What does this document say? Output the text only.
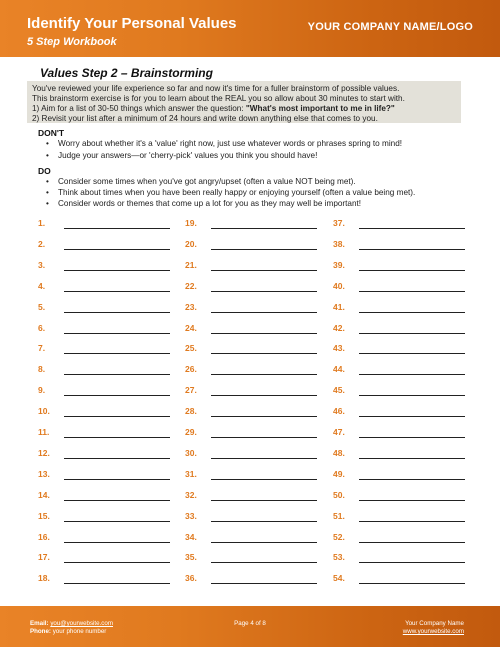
Identify Your Personal Values
5 Step Workbook
YOUR COMPANY NAME/LOGO
Values Step 2 – Brainstorming
You've reviewed your life experience so far and now it's time for a fuller brainstorm of possible values.
This brainstorm exercise is for you to learn about the REAL you so allow about 30 minutes to start with.
1) Aim for a list of 30-50 things which answer the question: "What's most important to me in life?"
2) Revisit your list after a minimum of 24 hours and write down anything else that comes to you.
DON'T
• Worry about whether it's a 'value' right now, just use whatever words or phrases spring to mind!
• Judge your answers—or 'cherry-pick' values you think you should have!
DO
• Consider some times when you've got angry/upset (often a value NOT being met).
• Think about times when you have been really happy or enjoying yourself (often a value being met).
• Consider words or themes that come up a lot for you as they may well be important!
1.
2.
3.
4.
5.
6.
7.
8.
9.
10.
11.
12.
13.
14.
15.
16.
17.
18.
19.
20.
21.
22.
23.
24.
25.
26.
27.
28.
29.
30.
31.
32.
33.
34.
35.
36.
37.
38.
39.
40.
41.
42.
43.
44.
45.
46.
47.
48.
49.
50.
51.
52.
53.
54.
Email: you@yourwebsite.com
Phone: your phone number
Page 4 of 8	Your Company Name
www.yourwebsite.com
